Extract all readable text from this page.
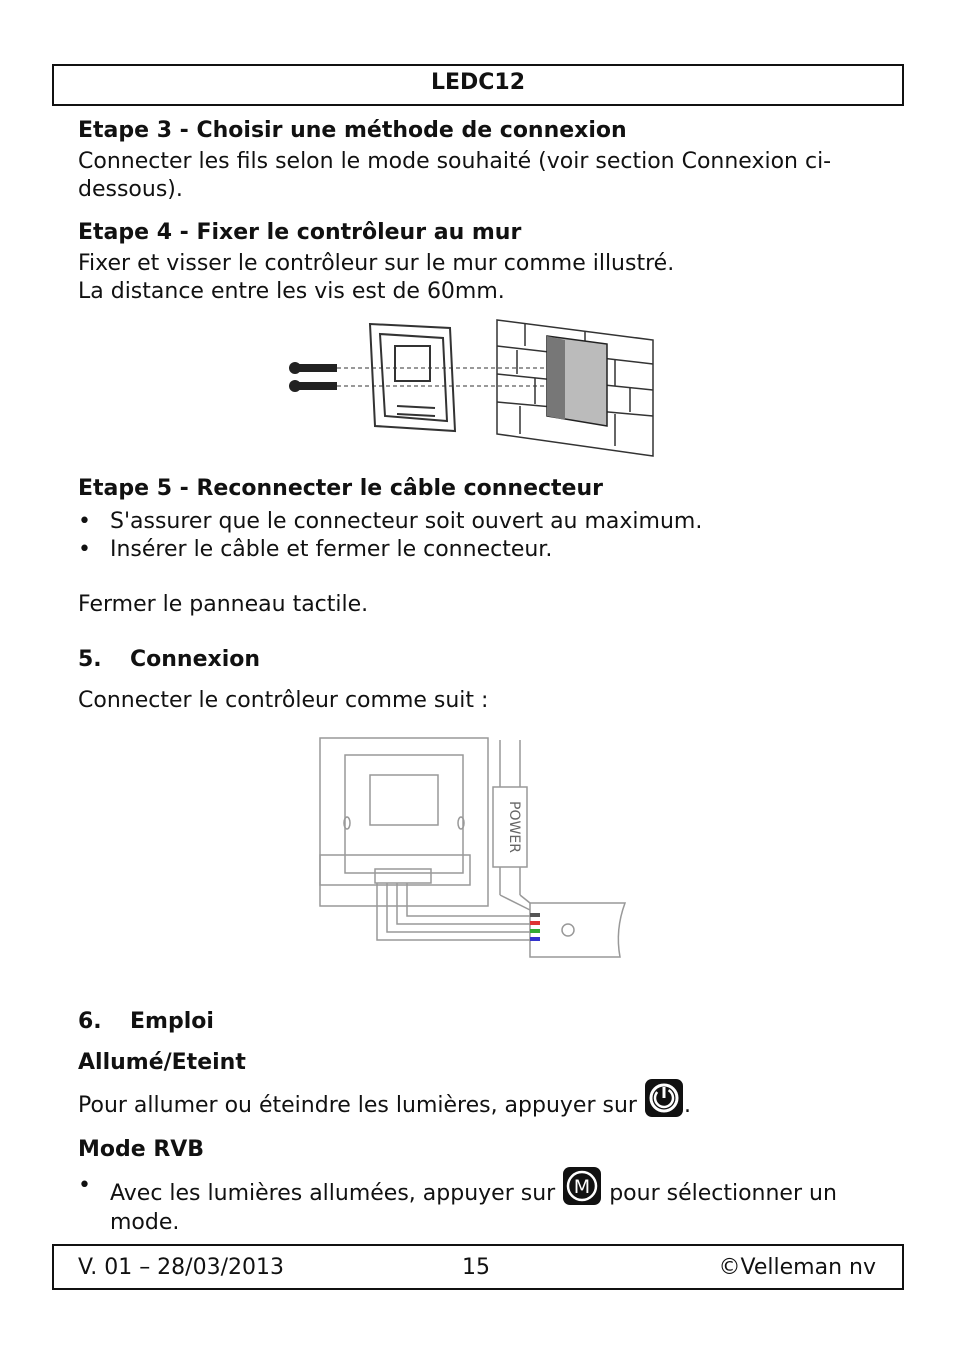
LEDC12
Etape 3 - Choisir une méthode de connexion
Connecter les fils selon le mode souhaité (voir section Connexion ci-
dessous).
Etape 4 - Fixer le contrôleur au mur
Fixer et visser le contrôleur sur le mur comme illustré.
La distance entre les vis est de 60mm.
Etape 5 - Reconnecter le câble connecteur
• S'assurer que le connecteur soit ouvert au maximum.
• Insérer le câble et fermer le connecteur.
Fermer le panneau tactile.
5. Connexion
Connecter le contrôleur comme suit :
POWER
6. Emploi
Allumé/Eteint
Pour allumer ou éteindre les lumières, appuyer sur .
Mode RVB
• Avec les lumières allumées, appuyer sur M pour sélectionner un
mode.
V. 01 – 28/03/2013	15	©Velleman nv
